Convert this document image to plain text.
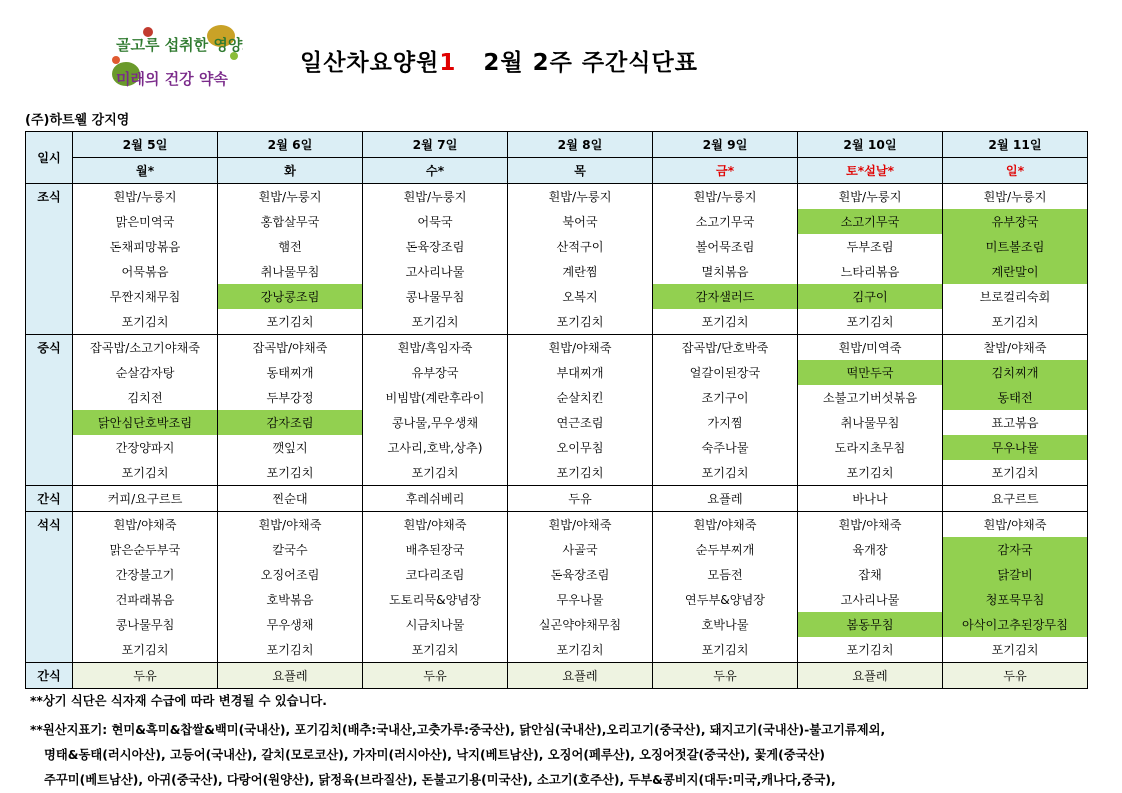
골고루 섭취한 영양소
미래의 건강 약속
일산차요양원1 2월 2주 주간식단표
(주)하트웰 강지영
일시	2월 5일	2월 6일	2월 7일	2월 8일	2월 9일	2월 10일	2월 11일
	월*	화	수*	목	금*	토*설날*	일*
조식	흰밥/누룽지	흰밥/누룽지	흰밥/누룽지	흰밥/누룽지	흰밥/누룽지	흰밥/누룽지	흰밥/누룽지
	맑은미역국	홍합살무국	어묵국	북어국	소고기무국	소고기무국	유부장국
	돈채피망볶음	햄전	돈육장조림	산적구이	볼어묵조림	두부조림	미트볼조림
	어묵볶음	취나물무침	고사리나물	계란찜	멸치볶음	느타리볶음	계란말이
	무짠지채무침	강낭콩조림	콩나물무침	오복지	감자샐러드	김구이	브로컬리숙회
	포기김치	포기김치	포기김치	포기김치	포기김치	포기김치	포기김치
중식	잡곡밥/소고기야채죽	잡곡밥/야채죽	흰밥/흑임자죽	흰밥/야채죽	잡곡밥/단호박죽	흰밥/미역죽	찰밥/야채죽
	순살감자탕	동태찌개	유부장국	부대찌개	얼갈이된장국	떡만두국	김치찌개
	김치전	두부강정	비빔밥(계란후라이	순살치킨	조기구이	소불고기버섯볶음	동태전
	닭안심단호박조림	감자조림	콩나물,무우생채	연근조림	가지찜	취나물무침	표고볶음
	간장양파지	깻잎지	고사리,호박,상추)	오이무침	숙주나물	도라지초무침	무우나물
	포기김치	포기김치	포기김치	포기김치	포기김치	포기김치	포기김치
간식	커피/요구르트	찐순대	후레쉬베리	두유	요플레	바나나	요구르트
석식	흰밥/야채죽	흰밥/야채죽	흰밥/야채죽	흰밥/야채죽	흰밥/야채죽	흰밥/야채죽	흰밥/야채죽
	맑은순두부국	칼국수	배추된장국	사골국	순두부찌개	육개장	감자국
	간장불고기	오징어조림	코다리조림	돈육장조림	모듬전	잡채	닭갈비
	건파래볶음	호박볶음	도토리묵&양념장	무우나물	연두부&양념장	고사리나물	청포묵무침
	콩나물무침	무우생채	시금치나물	실곤약야채무침	호박나물	봄동무침	아삭이고추된장무침
	포기김치	포기김치	포기김치	포기김치	포기김치	포기김치	포기김치
간식	두유	요플레	두유	요플레	두유	요플레	두유
**상기 식단은 식자재 수급에 따라 변경될 수 있습니다.
**원산지표기: 현미&흑미&찹쌀&백미(국내산), 포기김치(배추:국내산,고춧가루:중국산), 닭안심(국내산),오리고기(중국산), 돼지고기(국내산)-불고기류제외,
명태&동태(러시아산), 고등어(국내산), 갈치(모로코산), 가자미(러시아산), 낙지(베트남산), 오징어(페루산), 오징어젓갈(중국산), 꽃게(중국산)
주꾸미(베트남산), 아귀(중국산), 다랑어(원양산), 닭정육(브라질산), 돈불고기용(미국산), 소고기(호주산), 두부&콩비지(대두:미국,캐나다,중국),
